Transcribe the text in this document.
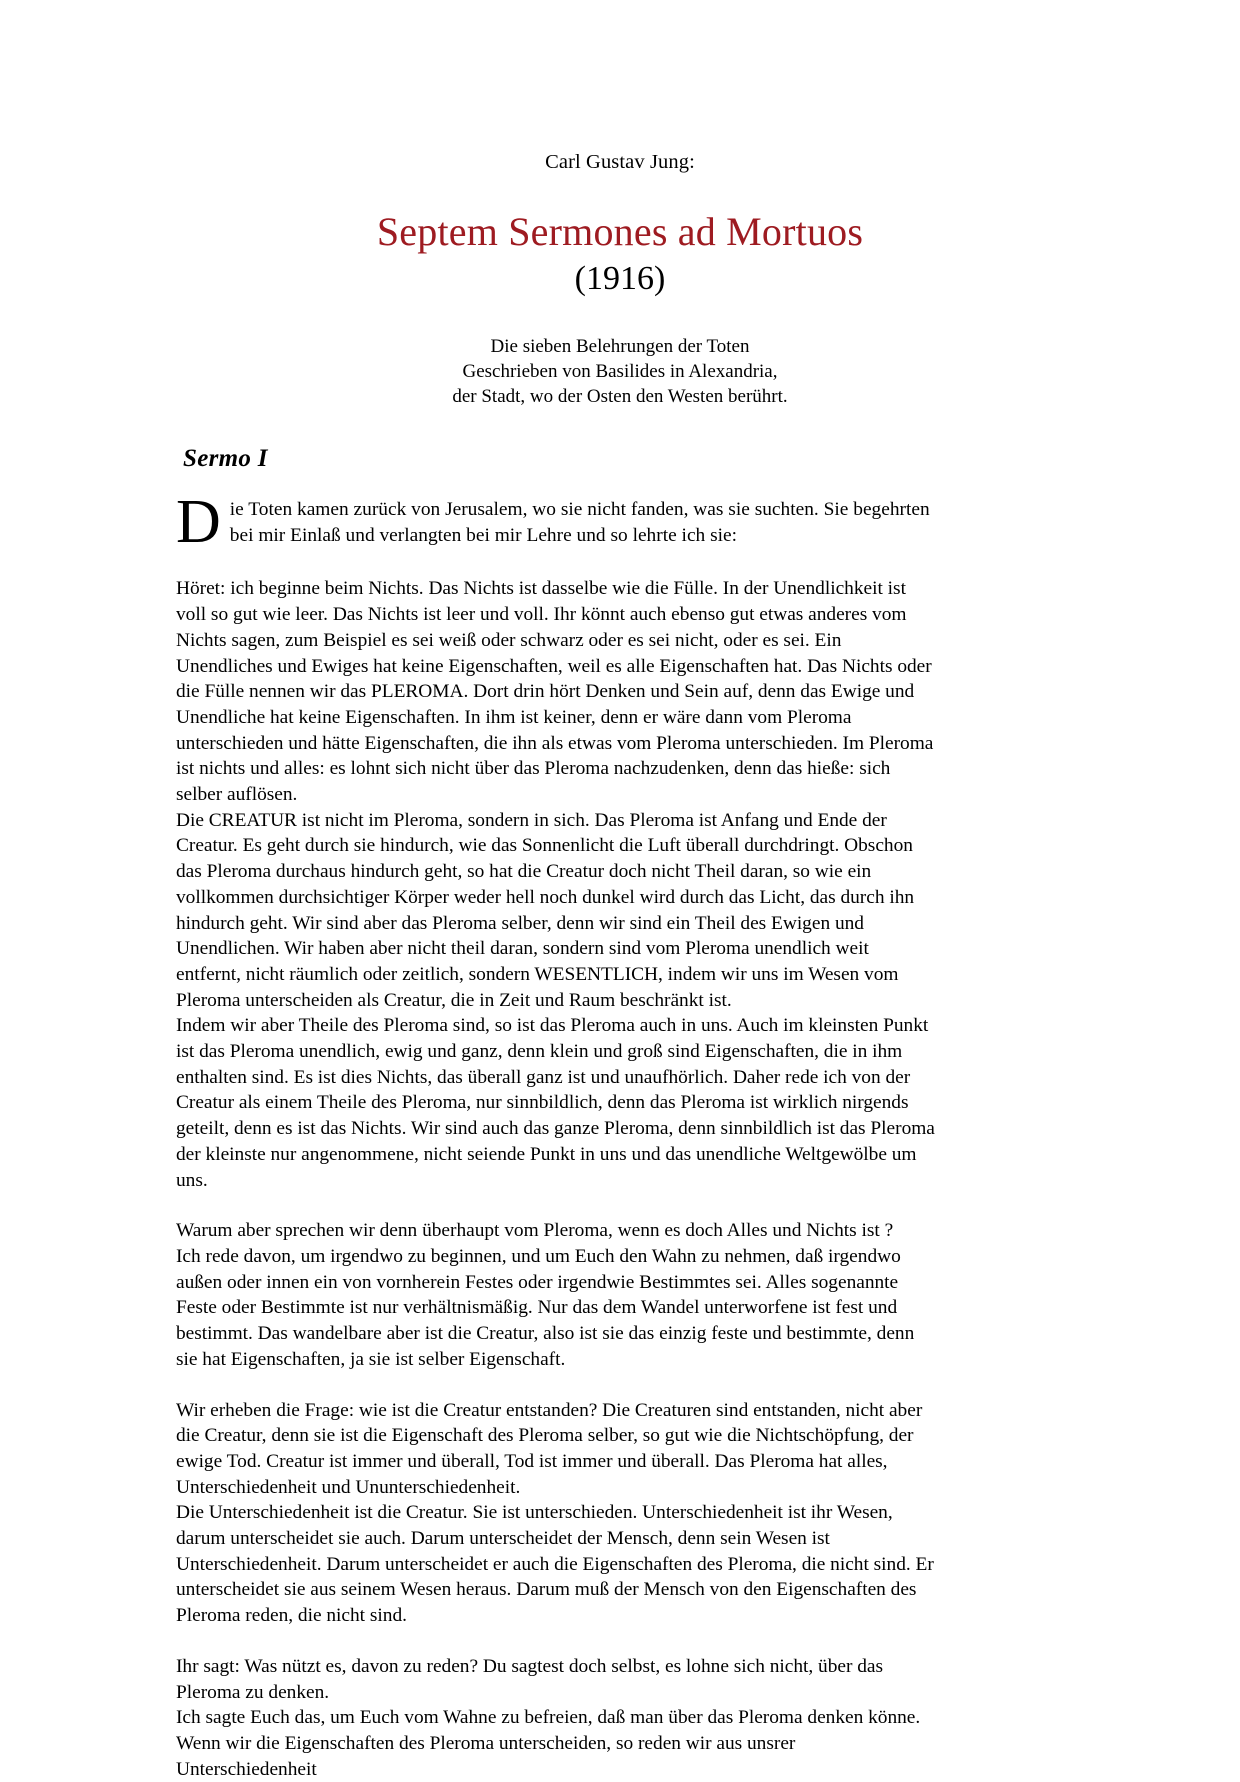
Carl Gustav Jung:
Septem Sermones ad Mortuos
(1916)
Die sieben Belehrungen der Toten
Geschrieben von Basilides in Alexandria,
der Stadt, wo der Osten den Westen berührt.
Sermo I
D ie Toten kamen zurück von Jerusalem, wo sie nicht fanden, was sie suchten. Sie begehrten bei mir Einlaß und verlangten bei mir Lehre und so lehrte ich sie:

Höret: ich beginne beim Nichts. Das Nichts ist dasselbe wie die Fülle. In der Unendlichkeit ist voll so gut wie leer. Das Nichts ist leer und voll. Ihr könnt auch ebenso gut etwas anderes vom Nichts sagen, zum Beispiel es sei weiß oder schwarz oder es sei nicht, oder es sei. Ein Unendliches und Ewiges hat keine Eigenschaften, weil es alle Eigenschaften hat. Das Nichts oder die Fülle nennen wir das PLEROMA. Dort drin hört Denken und Sein auf, denn das Ewige und Unendliche hat keine Eigenschaften. In ihm ist keiner, denn er wäre dann vom Pleroma unterschieden und hätte Eigenschaften, die ihn als etwas vom Pleroma unterschieden. Im Pleroma ist nichts und alles: es lohnt sich nicht über das Pleroma nachzudenken, denn das hieße: sich selber auflösen.

Die CREATUR ist nicht im Pleroma, sondern in sich. Das Pleroma ist Anfang und Ende der Creatur. Es geht durch sie hindurch, wie das Sonnenlicht die Luft überall durchdringt. Obschon das Pleroma durchaus hindurch geht, so hat die Creatur doch nicht Theil daran, so wie ein vollkommen durchsichtiger Körper weder hell noch dunkel wird durch das Licht, das durch ihn hindurch geht. Wir sind aber das Pleroma selber, denn wir sind ein Theil des Ewigen und Unendlichen. Wir haben aber nicht theil daran, sondern sind vom Pleroma unendlich weit entfernt, nicht räumlich oder zeitlich, sondern WESENTLICH, indem wir uns im Wesen vom Pleroma unterscheiden als Creatur, die in Zeit und Raum beschränkt ist.

Indem wir aber Theile des Pleroma sind, so ist das Pleroma auch in uns. Auch im kleinsten Punkt ist das Pleroma unendlich, ewig und ganz, denn klein und groß sind Eigenschaften, die in ihm enthalten sind. Es ist dies Nichts, das überall ganz ist und unaufhörlich. Daher rede ich von der Creatur als einem Theile des Pleroma, nur sinnbildlich, denn das Pleroma ist wirklich nirgends geteilt, denn es ist das Nichts. Wir sind auch das ganze Pleroma, denn sinnbildlich ist das Pleroma der kleinste nur angenommene, nicht seiende Punkt in uns und das unendliche Weltgewölbe um uns.

Warum aber sprechen wir denn überhaupt vom Pleroma, wenn es doch Alles und Nichts ist ?

Ich rede davon, um irgendwo zu beginnen, und um Euch den Wahn zu nehmen, daß irgendwo außen oder innen ein von vornherein Festes oder irgendwie Bestimmtes sei. Alles sogenannte Feste oder Bestimmte ist nur verhältnismäßig. Nur das dem Wandel unterworfene ist fest und bestimmt. Das wandelbare aber ist die Creatur, also ist sie das einzig feste und bestimmte, denn sie hat Eigenschaften, ja sie ist selber Eigenschaft.

Wir erheben die Frage: wie ist die Creatur entstanden? Die Creaturen sind entstanden, nicht aber die Creatur, denn sie ist die Eigenschaft des Pleroma selber, so gut wie die Nichtschöpfung, der ewige Tod. Creatur ist immer und überall, Tod ist immer und überall. Das Pleroma hat alles, Unterschiedenheit und Ununterschiedenheit.

Die Unterschiedenheit ist die Creatur. Sie ist unterschieden. Unterschiedenheit ist ihr Wesen, darum unterscheidet sie auch. Darum unterscheidet der Mensch, denn sein Wesen ist Unterschiedenheit. Darum unterscheidet er auch die Eigenschaften des Pleroma, die nicht sind. Er unterscheidet sie aus seinem Wesen heraus. Darum muß der Mensch von den Eigenschaften des Pleroma reden, die nicht sind.

Ihr sagt: Was nützt es, davon zu reden? Du sagtest doch selbst, es lohne sich nicht, über das Pleroma zu denken.

Ich sagte Euch das, um Euch vom Wahne zu befreien, daß man über das Pleroma denken könne. Wenn wir die Eigenschaften des Pleroma unterscheiden, so reden wir aus unsrer Unterschiedenheit
